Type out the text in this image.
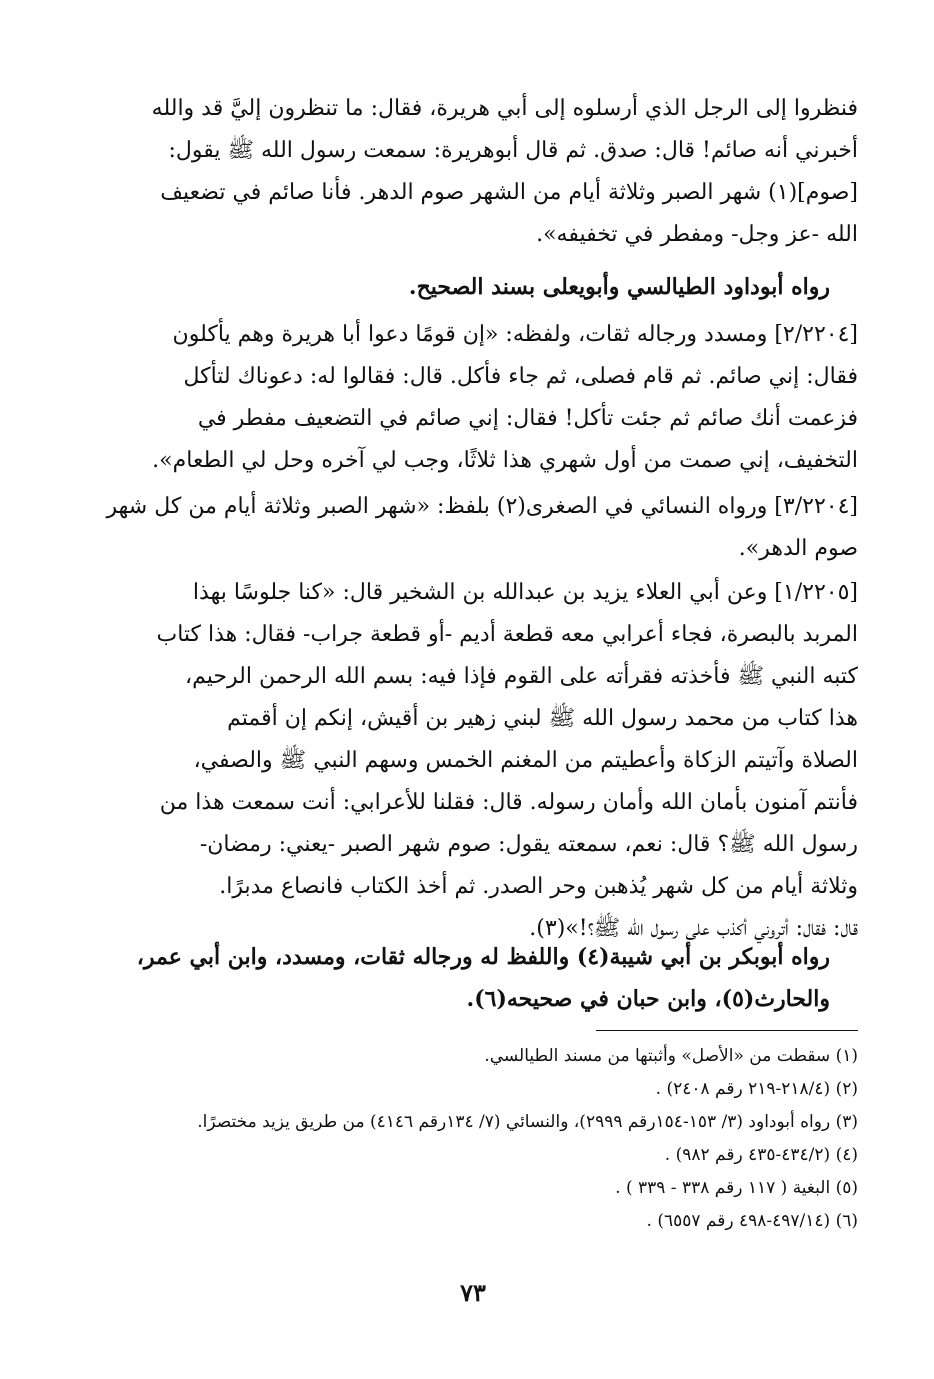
فنظروا إلى الرجل الذي أرسلوه إلى أبي هريرة، فقال: ما تنظرون إليَّ قد والله
أخبرني أنه صائم! قال: صدق. ثم قال أبوهريرة: سمعت رسول الله ﷺ يقول:
[صوم](١) شهر الصبر وثلاثة أيام من الشهر صوم الدهر. فأنا صائم في تضعيف
الله -عز وجل- ومفطر في تخفيفه».
رواه أبوداود الطيالسي وأبويعلى بسند الصحيح.
[٢/٢٢٠٤] ومسدد ورجاله ثقات، ولفظه: «إن قومًا دعوا أبا هريرة وهم يأكلون
فقال: إني صائم. ثم قام فصلى، ثم جاء فأكل. قال: فقالوا له: دعوناك لتأكل
فزعمت أنك صائم ثم جئت تأكل! فقال: إني صائم في التضعيف مفطر في
التخفيف، إني صمت من أول شهري هذا ثلاثًا، وجب لي آخره وحل لي الطعام».
[٣/٢٢٠٤] ورواه النسائي في الصغرى(٢) بلفظ: «شهر الصبر وثلاثة أيام من كل شهر
صوم الدهر».
[١/٢٢٠٥] وعن أبي العلاء يزيد بن عبدالله بن الشخير قال: «كنا جلوسًا بهذا
المربد بالبصرة، فجاء أعرابي معه قطعة أديم -أو قطعة جراب- فقال: هذا كتاب
كتبه النبي ﷺ فأخذته فقرأته على القوم فإذا فيه: بسم الله الرحمن الرحيم،
هذا كتاب من محمد رسول الله ﷺ لبني زهير بن أقيش، إنكم إن أقمتم
الصلاة وآتيتم الزكاة وأعطيتم من المغنم الخمس وسهم النبي ﷺ والصفي،
فأنتم آمنون بأمان الله وأمان رسوله. قال: فقلنا للأعرابي: أنت سمعت هذا من
رسول الله ﷺ؟ قال: نعم، سمعته يقول: صوم شهر الصبر -يعني: رمضان-
وثلاثة أيام من كل شهر يُذهبن وحر الصدر. ثم أخذ الكتاب فانصاع مدبرًا.
قال: فقال: أتروني أكذب على رسول الله ﷺ؟!»(٣).
رواه أبوبكر بن أبي شيبة(٤) واللفظ له ورجاله ثقات، ومسدد، وابن أبي عمر،
والحارث(٥)، وابن حبان في صحيحه(٦).
(١) سقطت من «الأصل» وأثبتها من مسند الطيالسي.
(٢) (٢١٨/٤-٢١٩ رقم ٢٤٠٨) .
(٣) رواه أبوداود (٣/ ١٥٣-١٥٤رقم ٢٩٩٩)، والنسائي (٧/ ١٣٤رقم ٤١٤٦) من طريق يزيد مختصرًا.
(٤) (٤٣٤/٢-٤٣٥ رقم ٩٨٢) .
(٥) البغية ( ١١٧ رقم ٣٣٨ - ٣٣٩ ) .
(٦) (٤٩٧/١٤-٤٩٨ رقم ٦٥٥٧) .
٧٣
